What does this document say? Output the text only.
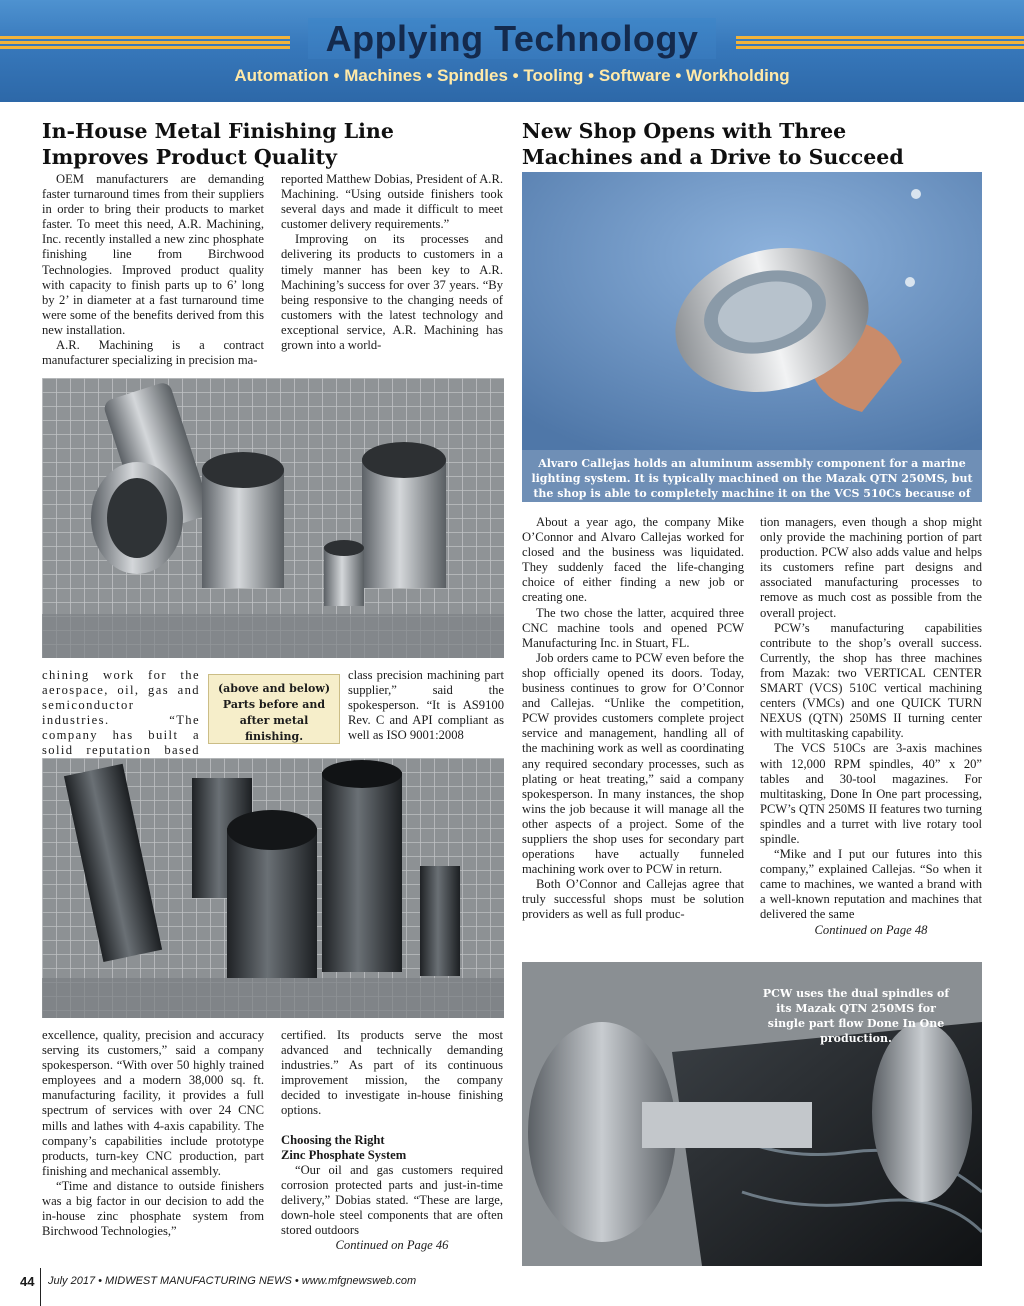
Applying Technology
Automation • Machines • Spindles • Tooling • Software • Workholding
In-House Metal Finishing Line
Improves Product Quality

OEM manufacturers are demanding faster turnaround times from their suppliers in order to bring their products to market faster. To meet this need, A.R. Machining, Inc. recently installed a new zinc phosphate finishing line from Birchwood Technologies. Improved product quality with capacity to finish parts up to 6’ long by 2’ in diameter at a fast turnaround time were some of the benefits derived from this new installation.

A.R. Machining is a contract manufacturer specializing in precision ma-

reported Matthew Dobias, President of A.R. Machining. “Using outside finishers took several days and made it difficult to meet customer delivery requirements.”

Improving on its processes and delivering its products to customers in a timely manner has been key to A.R. Machining’s success for over 37 years. “By being responsive to the changing needs of customers with the latest technology and exceptional service, A.R. Machining has grown into a world-

chining work for the aerospace, oil, gas and semiconductor industries. “The company has built a solid reputation based

(above and below) Parts before and after metal finishing.

class precision machining part supplier,” said the spokesperson. “It is AS9100 Rev. C and API compliant as well as ISO 9001:2008

excellence, quality, precision and accuracy serving its customers,” said a company spokesperson. “With over 50 highly trained employees and a modern 38,000 sq. ft. manufacturing facility, it provides a full spectrum of services with over 24 CNC mills and lathes with 4-axis capability. The company’s capabilities include prototype products, turn-key CNC production, part finishing and mechanical assembly.

“Time and distance to outside finishers was a big factor in our decision to add the in-house zinc phosphate system from Birchwood Technologies,”

certified. Its products serve the most advanced and technically demanding industries.” As part of its continuous improvement mission, the company decided to investigate in-house finishing options.

Choosing the Right
Zinc Phosphate System

“Our oil and gas customers required corrosion protected parts and just-in-time delivery,” Dobias stated. “These are large, down-hole steel components that are often stored outdoors

Continued on Page 46

New Shop Opens with Three
Machines and a Drive to Succeed
Alvaro Callejas holds an aluminum assembly component for a marine lighting system. It is typically machined on the Mazak QTN 250MS, but the shop is able to completely machine it on the VCS 510Cs because of their precise 3-axis interpolation.

About a year ago, the company Mike O’Connor and Alvaro Callejas worked for closed and the business was liquidated. They suddenly faced the life-changing choice of either finding a new job or creating one.

The two chose the latter, acquired three CNC machine tools and opened PCW Manufacturing Inc. in Stuart, FL.

Job orders came to PCW even before the shop officially opened its doors. Today, business continues to grow for O’Connor and Callejas. “Unlike the competition, PCW provides customers complete project service and management, handling all of the machining work as well as coordinating any required secondary processes, such as plating or heat treating,” said a company spokesperson. In many instances, the shop wins the job because it will manage all the other aspects of a project. Some of the suppliers the shop uses for secondary part operations have actually funneled machining work over to PCW in return.

Both O’Connor and Callejas agree that truly successful shops must be solution providers as well as full produc-

tion managers, even though a shop might only provide the machining portion of part production. PCW also adds value and helps its customers refine part designs and associated manufacturing processes to remove as much cost as possible from the overall project.

PCW’s manufacturing capabilities contribute to the shop’s overall success. Currently, the shop has three machines from Mazak: two VERTICAL CENTER SMART (VCS) 510C vertical machining centers (VMCs) and one QUICK TURN NEXUS (QTN) 250MS II turning center with multitasking capability.

The VCS 510Cs are 3-axis machines with 12,000 RPM spindles, 40” x 20” tables and 30-tool magazines. For multitasking, Done In One part processing, PCW’s QTN 250MS II features two turning spindles and a turret with live rotary tool spindle.

“Mike and I put our futures into this company,” explained Callejas. “So when it came to machines, we wanted a brand with a well-known reputation and machines that delivered the same

Continued on Page 48

PCW uses the dual spindles of its Mazak QTN 250MS for single part flow Done In One production.
44 July 2017 • MIDWEST MANUFACTURING NEWS • www.mfgnewsweb.com
